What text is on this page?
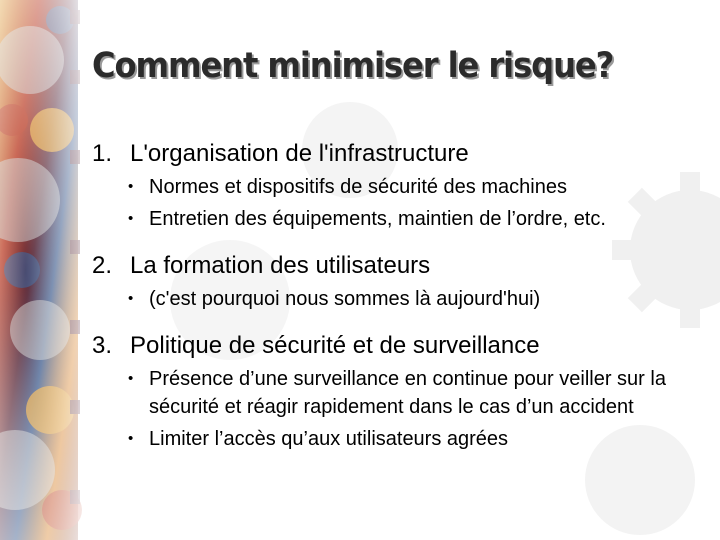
Comment minimiser le risque?
1. L'organisation de l'infrastructure
• Normes et dispositifs de sécurité des machines
• Entretien des équipements, maintien de l’ordre, etc.
2. La formation des utilisateurs
• (c'est pourquoi nous sommes là aujourd'hui)
3. Politique de sécurité et de surveillance
• Présence d’une surveillance en continue pour veiller sur la sécurité et réagir rapidement dans le cas d’un accident
• Limiter l’accès qu’aux utilisateurs agrées
